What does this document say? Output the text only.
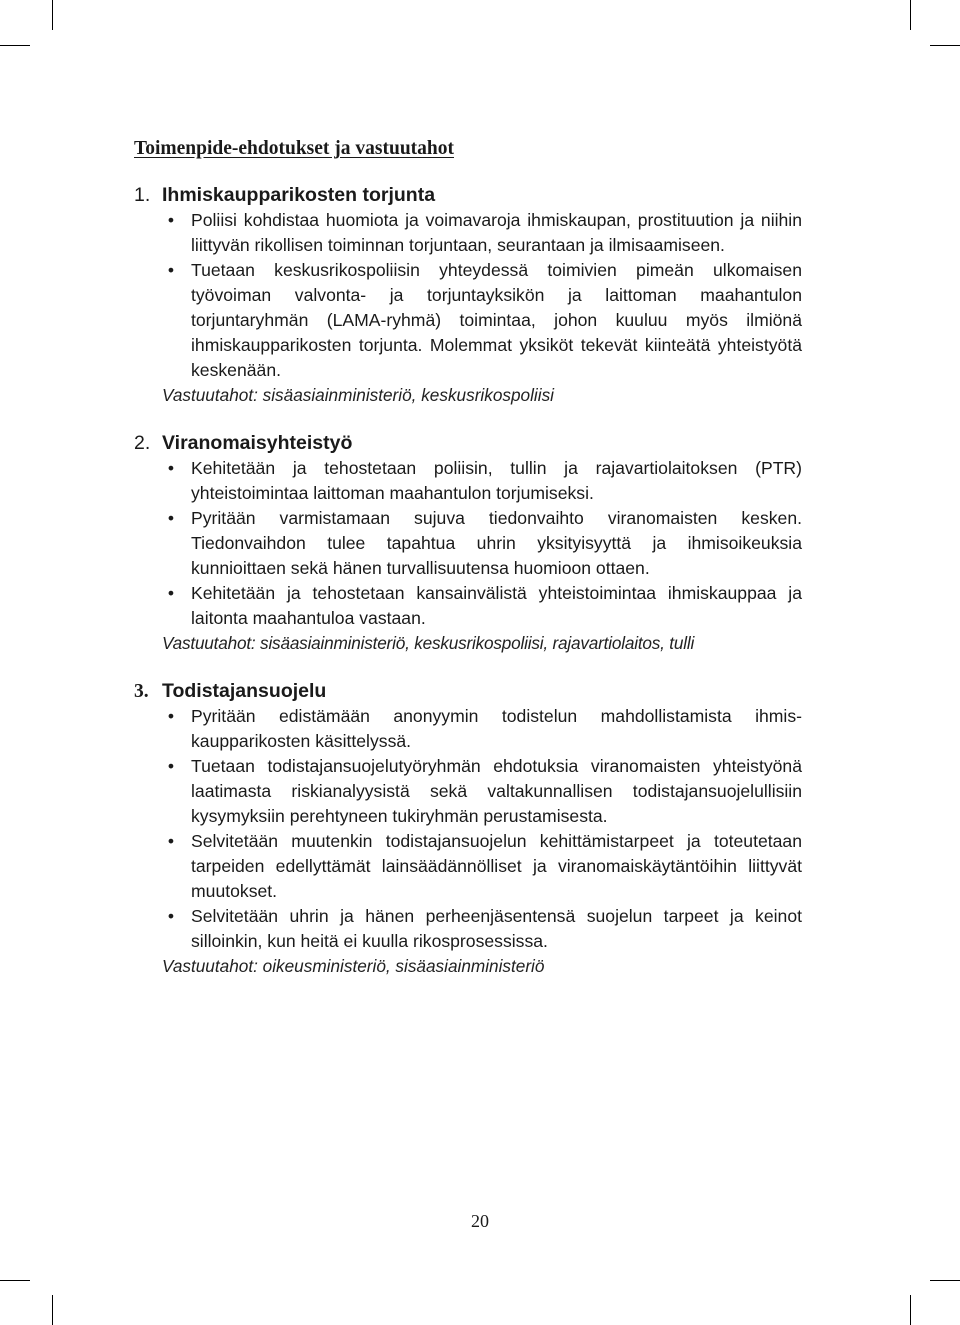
Toimenpide-ehdotukset ja vastuutahot
1. Ihmiskaupparikosten torjunta
• Poliisi kohdistaa huomiota ja voimavaroja ihmiskaupan, prostituution ja niihin liittyvän rikollisen toiminnan torjuntaan, seurantaan ja ilmisaamiseen.
• Tuetaan keskusrikospoliisin yhteydessä toimivien pimeän ulkomaisen työvoiman valvonta- ja torjuntayksikön ja laittoman maahantulon torjuntaryhmän (LAMA-ryhmä) toimintaa, johon kuuluu myös ilmiönä ihmiskaupparikosten torjunta. Molemmat yksiköt tekevät kiinteätä yhteistyötä keskenään.
Vastuutahot: sisäasiainministeriö, keskusrikospoliisi
2. Viranomaisyhteistyö
• Kehitetään ja tehostetaan poliisin, tullin ja rajavartiolaitoksen (PTR) yhteistoimintaa laittoman maahantulon torjumiseksi.
• Pyritään varmistamaan sujuva tiedonvaihto viranomaisten kesken. Tiedonvaihdon tulee tapahtua uhrin yksityisyyttä ja ihmisoikeuksia kunnioittaen sekä hänen turvallisuutensa huomioon ottaen.
• Kehitetään ja tehostetaan kansainvälistä yhteistoimintaa ihmiskauppaa ja laitonta maahantuloa vastaan.
Vastuutahot: sisäasiainministeriö, keskusrikospoliisi, rajavartiolaitos, tulli
3. Todistajansuojelu
• Pyritään edistämään anonyymin todistelun mahdollistamista ihmiskaupparikosten käsittelyssä.
• Tuetaan todistajansuojelutyöryhmän ehdotuksia viranomaisten yhteistyönä laatimasta riskianalyysistä sekä valtakunnallisen todistajansuojelullisiin kysymyksiin perehtyneen tukiryhmän perustamisesta.
• Selvitetään muutenkin todistajansuojelun kehittämistarpeet ja toteutetaan tarpeiden edellyttämät lainsäädännölliset ja viranomaiskäytäntöihin liittyvät muutokset.
• Selvitetään uhrin ja hänen perheenjäsentensä suojelun tarpeet ja keinot silloinkin, kun heitä ei kuulla rikosprosessissa.
Vastuutahot: oikeusministeriö, sisäasiainministeriö
20
